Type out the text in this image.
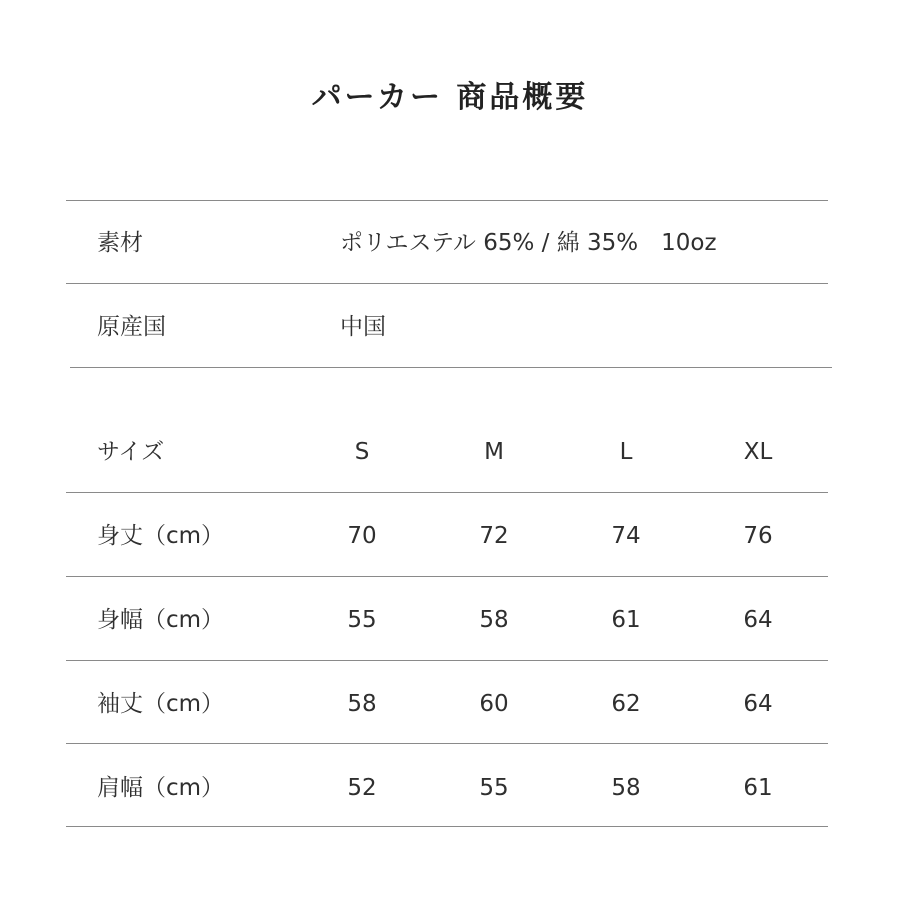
パーカー 商品概要
素材	ポリエステル 65% / 綿 35%　10oz
原産国	中国
サイズ	S	M	L	XL
身丈（cm）	70	72	74	76
身幅（cm）	55	58	61	64
袖丈（cm）	58	60	62	64
肩幅（cm）	52	55	58	61
